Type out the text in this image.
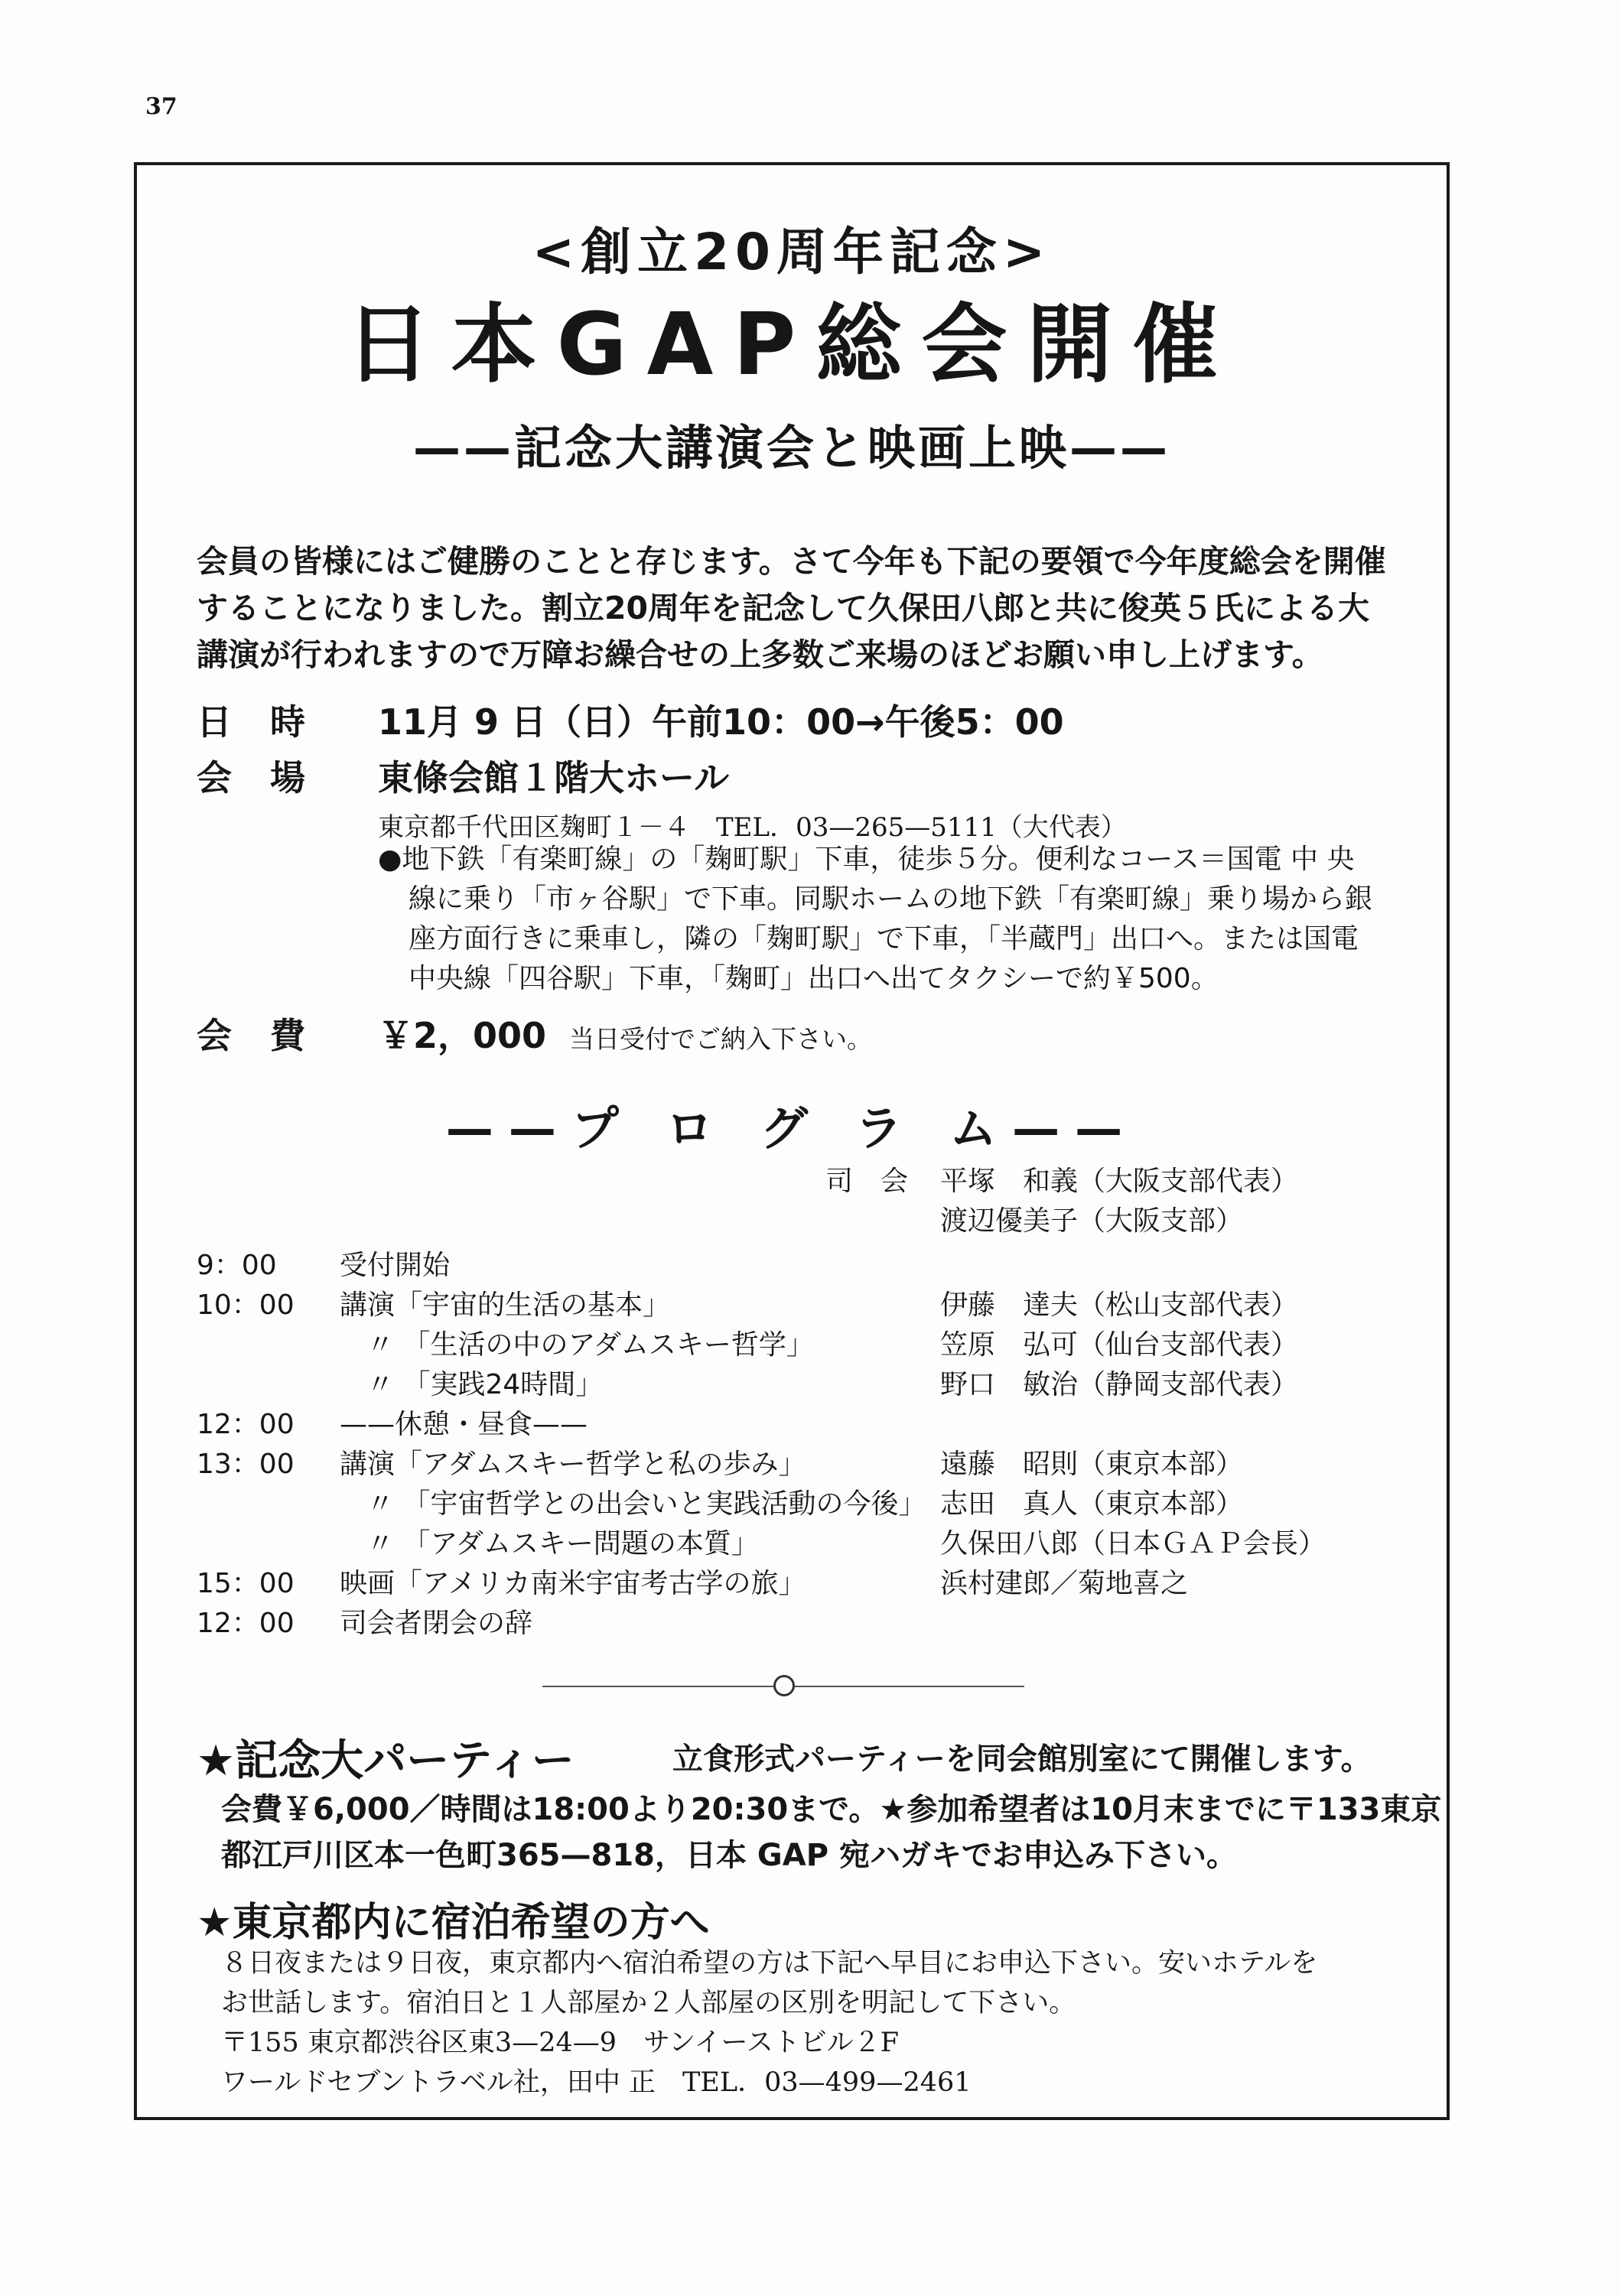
37
<創立20周年記念>
日本GAP総会開催
——記念大講演会と映画上映——
会員の皆様にはご健勝のことと存じます。さて今年も下記の要領で今年度総会を開催することになりました。割立20周年を記念して久保田八郎と共に俊英５氏による大講演が行われますので万障お繰合せの上多数ご来場のほどお願い申し上げます。
日時 11月 9 日（日）午前10：00→午後5：00
会場 東條会館１階大ホール
東京都千代田区麹町１－４　TEL．03—265—5111（大代表）
●地下鉄「有楽町線」の「麹町駅」下車，徒歩５分。便利なコース＝国電 中 央
線に乗り「市ヶ谷駅」で下車。同駅ホームの地下鉄「有楽町線」乗り場から銀
座方面行きに乗車し，隣の「麹町駅」で下車，「半蔵門」出口へ。または国電
中央線「四谷駅」下車，「麹町」出口へ出てタクシーで約￥500。
会費 ￥2，000 当日受付でご納入下さい。
——プ ロ グ ラ ム——
司　会 平塚　和義（大阪支部代表）
渡辺優美子（大阪支部）
9：00	受付開始
10：00	講演「宇宙的生活の基本」	伊藤　達夫（松山支部代表）
〃 「生活の中のアダムスキー哲学」	笠原　弘可（仙台支部代表）
〃 「実践24時間」	野口　敏治（静岡支部代表）
12：00	——休憩・昼食——
13：00	講演「アダムスキー哲学と私の歩み」	遠藤　昭則（東京本部）
〃 「宇宙哲学との出会いと実践活動の今後」 志田　真人（東京本部）
〃 「アダムスキー問題の本質」	久保田八郎（日本ＧＡＰ会長）
15：00	映画「アメリカ南米宇宙考古学の旅」	浜村建郎／菊地喜之
12：00	司会者閉会の辞
★記念大パーティー	立食形式パーティーを同会館別室にて開催します。
会費￥6,000／時間は18:00より20:30まで。★参加希望者は10月末までに〒133東京
都江戸川区本一色町365—818，日本 GAP 宛ハガキでお申込み下さい。
★東京都内に宿泊希望の方へ
８日夜または９日夜，東京都内へ宿泊希望の方は下記へ早目にお申込下さい。安いホテルを
お世話します。宿泊日と１人部屋か２人部屋の区別を明記して下さい。
〒155 東京都渋谷区東3—24—9　サンイーストビル２F
ワールドセブントラベル社，田中 正　TEL．03—499—2461
